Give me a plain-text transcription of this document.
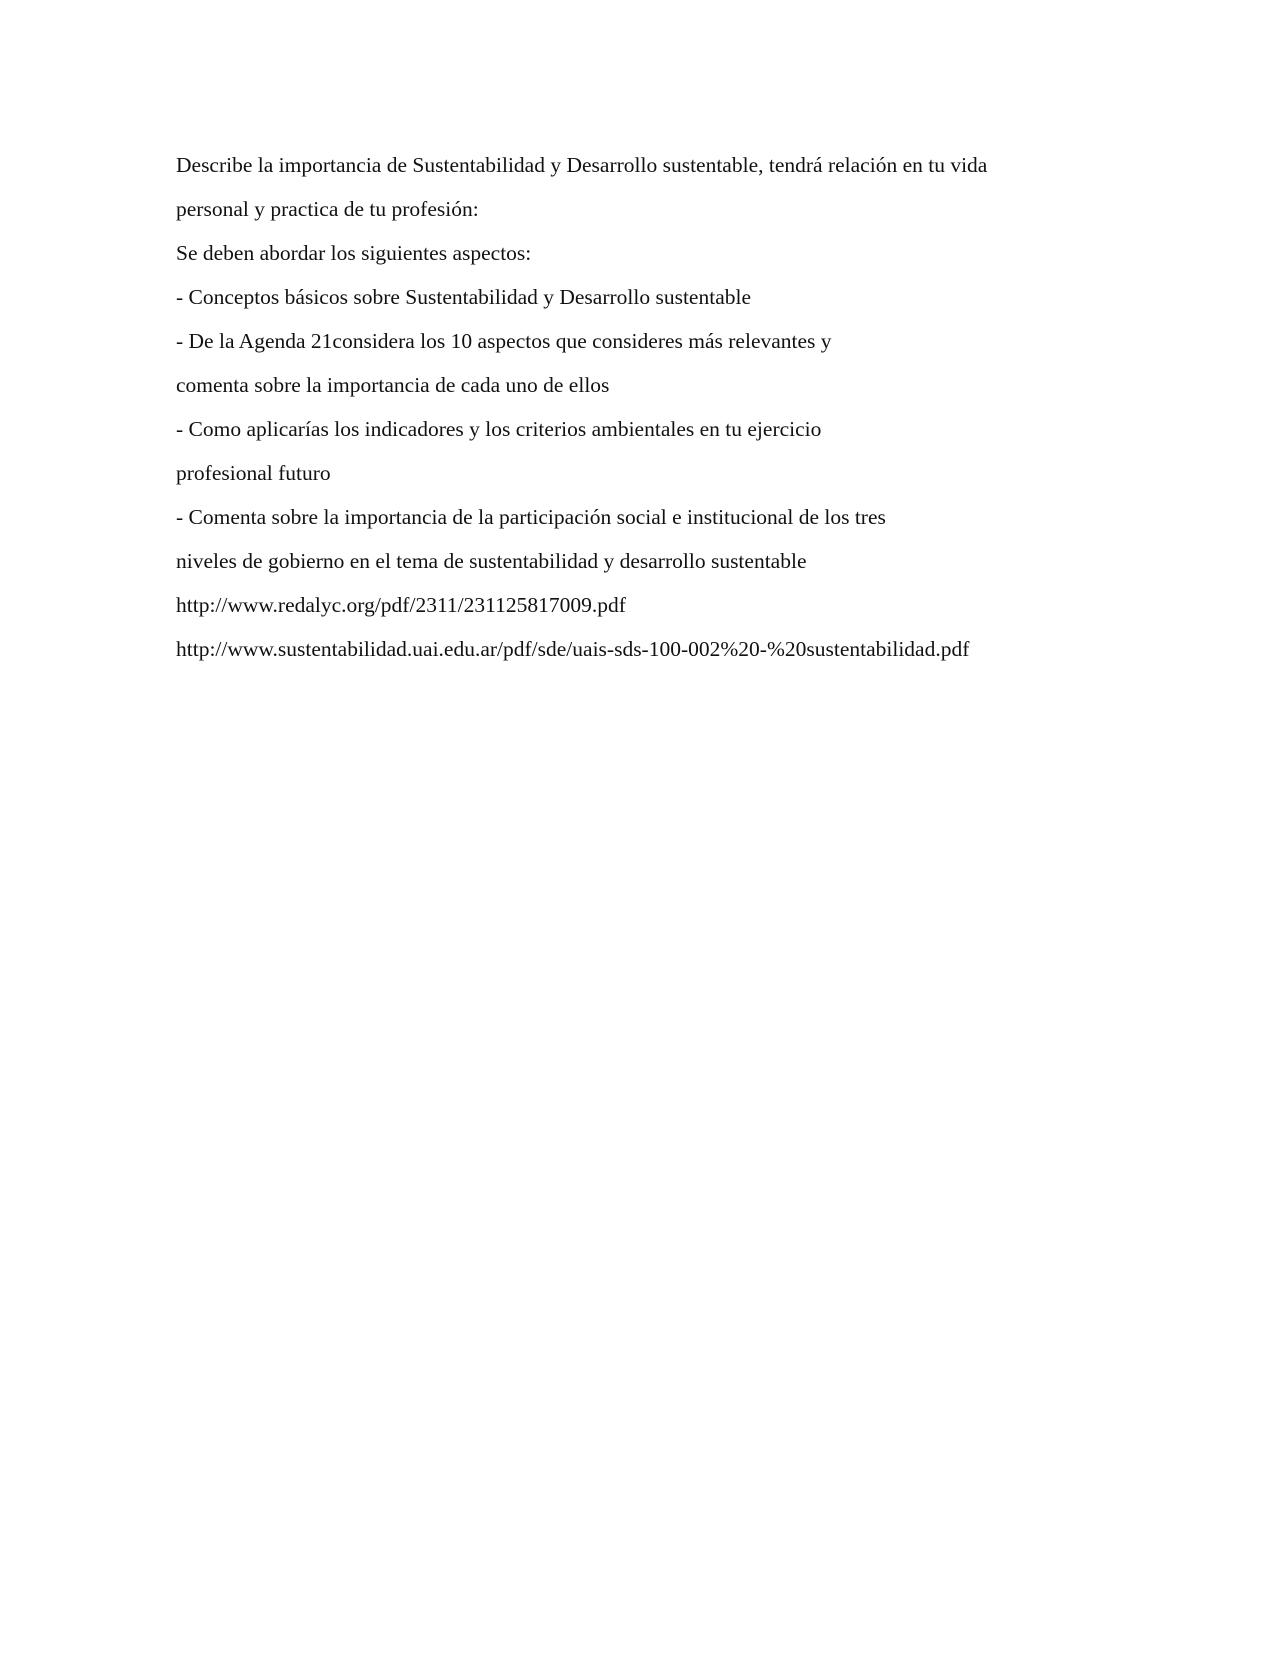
Describe la importancia de Sustentabilidad y Desarrollo sustentable, tendrá relación en tu vida
personal y practica de tu profesión:
Se deben abordar los siguientes aspectos:
- Conceptos básicos sobre Sustentabilidad y Desarrollo sustentable
- De la Agenda 21considera los 10 aspectos que consideres más relevantes y
comenta sobre la importancia de cada uno de ellos
- Como aplicarías los indicadores y los criterios ambientales en tu ejercicio
profesional futuro
- Comenta sobre la importancia de la participación social e institucional de los tres
niveles de gobierno en el tema de sustentabilidad y desarrollo sustentable
http://www.redalyc.org/pdf/2311/231125817009.pdf
http://www.sustentabilidad.uai.edu.ar/pdf/sde/uais-sds-100-002%20-%20sustentabilidad.pdf
